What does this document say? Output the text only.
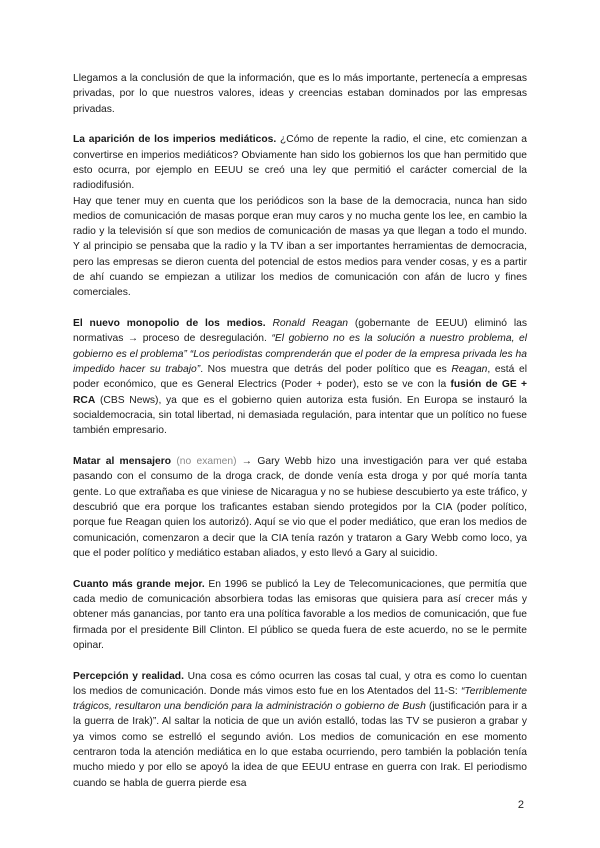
Llegamos a la conclusión de que la información, que es lo más importante, pertenecía a empresas privadas, por lo que nuestros valores, ideas y creencias estaban dominados por las empresas privadas.

La aparición de los imperios mediáticos. ¿Cómo de repente la radio, el cine, etc comienzan a convertirse en imperios mediáticos? Obviamente han sido los gobiernos los que han permitido que esto ocurra, por ejemplo en EEUU se creó una ley que permitió el carácter comercial de la radiodifusión.

Hay que tener muy en cuenta que los periódicos son la base de la democracia, nunca han sido medios de comunicación de masas porque eran muy caros y no mucha gente los lee, en cambio la radio y la televisión sí que son medios de comunicación de masas ya que llegan a todo el mundo. Y al principio se pensaba que la radio y la TV iban a ser importantes herramientas de democracia, pero las empresas se dieron cuenta del potencial de estos medios para vender cosas, y es a partir de ahí cuando se empiezan a utilizar los medios de comunicación con afán de lucro y fines comerciales.

El nuevo monopolio de los medios. Ronald Reagan (gobernante de EEUU) eliminó las normativas → proceso de desregulación. “El gobierno no es la solución a nuestro problema, el gobierno es el problema” “Los periodistas comprenderán que el poder de la empresa privada les ha impedido hacer su trabajo”. Nos muestra que detrás del poder político que es Reagan, está el poder económico, que es General Electrics (Poder + poder), esto se ve con la fusión de GE + RCA (CBS News), ya que es el gobierno quien autoriza esta fusión. En Europa se instauró la socialdemocracia, sin total libertad, ni demasiada regulación, para intentar que un político no fuese también empresario.

Matar al mensajero (no examen) → Gary Webb hizo una investigación para ver qué estaba pasando con el consumo de la droga crack, de donde venía esta droga y por qué moría tanta gente. Lo que extrañaba es que viniese de Nicaragua y no se hubiese descubierto ya este tráfico, y descubrió que era porque los traficantes estaban siendo protegidos por la CIA (poder político, porque fue Reagan quien los autorizó). Aquí se vio que el poder mediático, que eran los medios de comunicación, comenzaron a decir que la CIA tenía razón y trataron a Gary Webb como loco, ya que el poder político y mediático estaban aliados, y esto llevó a Gary al suicidio.

Cuanto más grande mejor. En 1996 se publicó la Ley de Telecomunicaciones, que permitía que cada medio de comunicación absorbiera todas las emisoras que quisiera para así crecer más y obtener más ganancias, por tanto era una política favorable a los medios de comunicación, que fue firmada por el presidente Bill Clinton. El público se queda fuera de este acuerdo, no se le permite opinar.

Percepción y realidad. Una cosa es cómo ocurren las cosas tal cual, y otra es como lo cuentan los medios de comunicación. Donde más vimos esto fue en los Atentados del 11-S: “Terriblemente trágicos, resultaron una bendición para la administración o gobierno de Bush (justificación para ir a la guerra de Irak)”. Al saltar la noticia de que un avión estalló, todas las TV se pusieron a grabar y ya vimos como se estrelló el segundo avión. Los medios de comunicación en ese momento centraron toda la atención mediática en lo que estaba ocurriendo, pero también la población tenía mucho miedo y por ello se apoyó la idea de que EEUU entrase en guerra con Irak. El periodismo cuando se habla de guerra pierde esa

2
